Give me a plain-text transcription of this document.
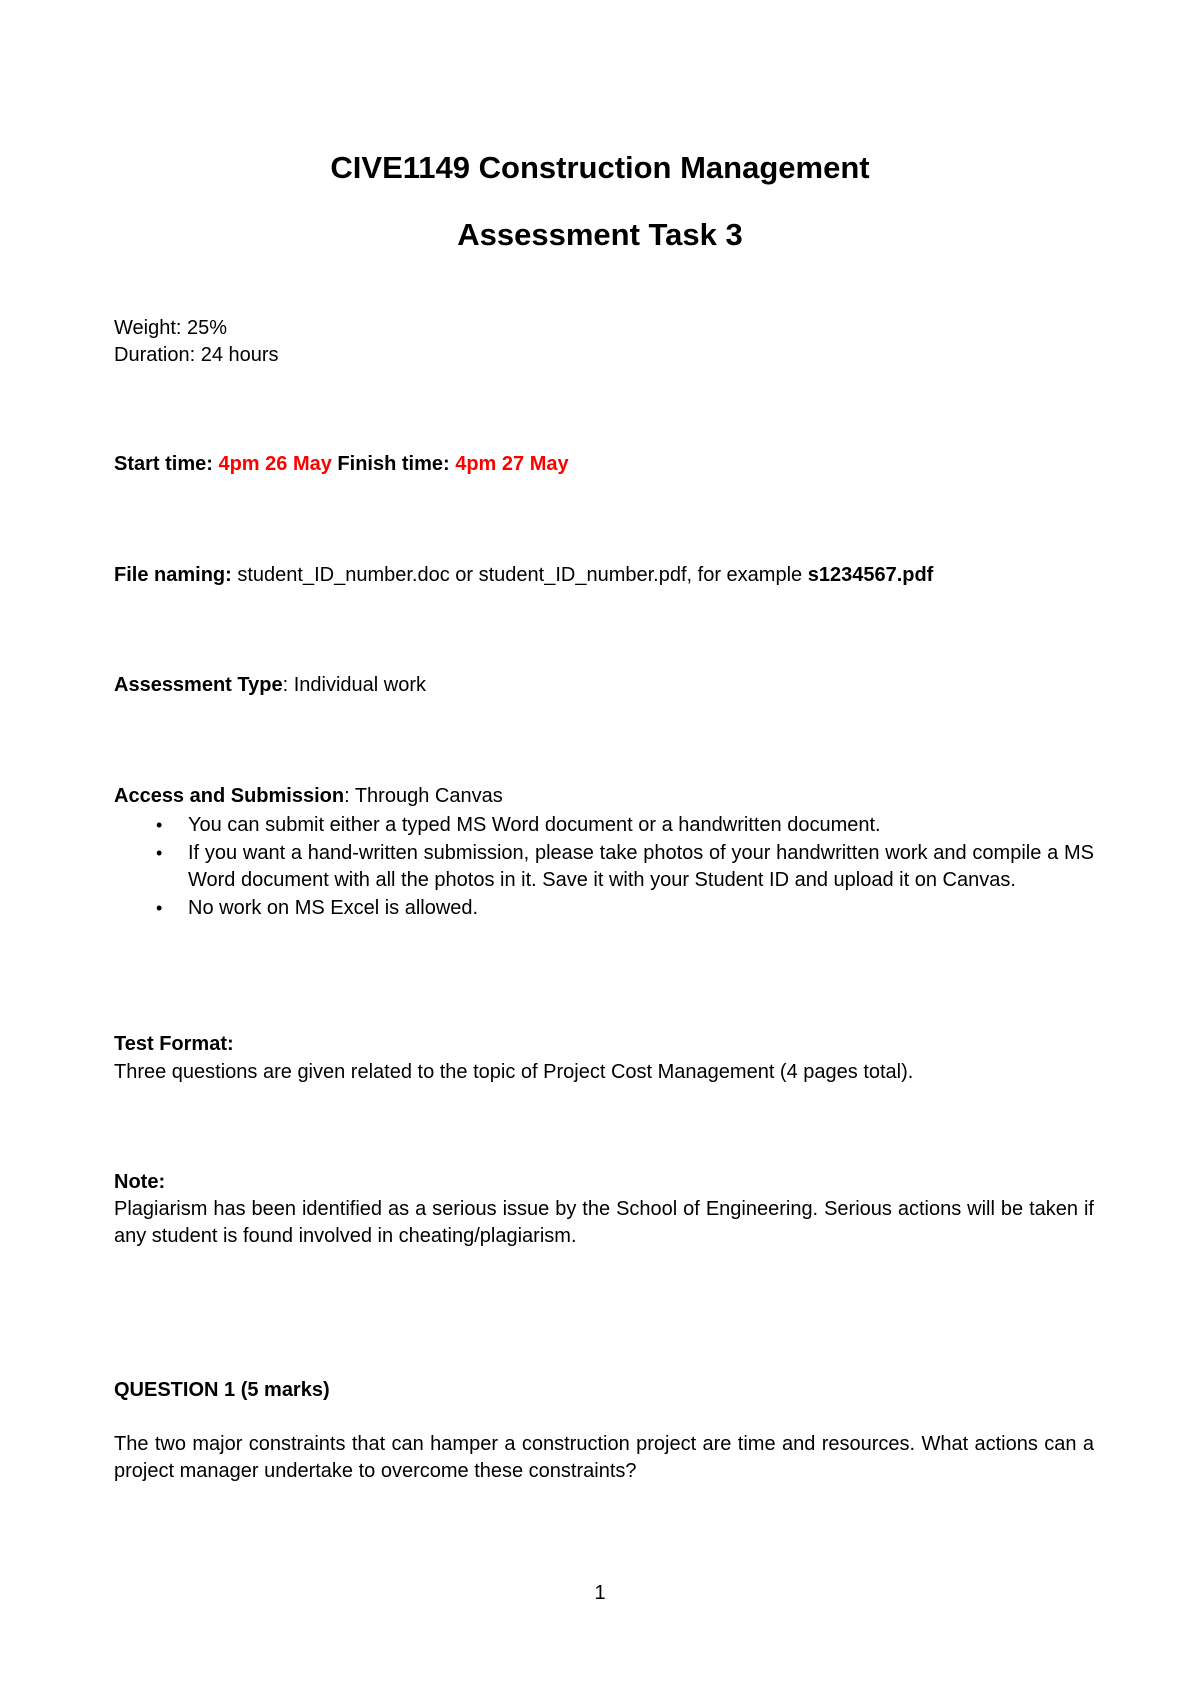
CIVE1149 Construction Management
Assessment Task 3
Weight: 25%
Duration: 24 hours
Start time: 4pm 26 May Finish time: 4pm 27 May
File naming: student_ID_number.doc or student_ID_number.pdf, for example s1234567.pdf
Assessment Type: Individual work
Access and Submission: Through Canvas
• You can submit either a typed MS Word document or a handwritten document.
• If you want a hand-written submission, please take photos of your handwritten work and compile a MS Word document with all the photos in it. Save it with your Student ID and upload it on Canvas.
• No work on MS Excel is allowed.
Test Format:
Three questions are given related to the topic of Project Cost Management (4 pages total).
Note:
Plagiarism has been identified as a serious issue by the School of Engineering. Serious actions will be taken if any student is found involved in cheating/plagiarism.
QUESTION 1 (5 marks)
The two major constraints that can hamper a construction project are time and resources. What actions can a project manager undertake to overcome these constraints?
1
